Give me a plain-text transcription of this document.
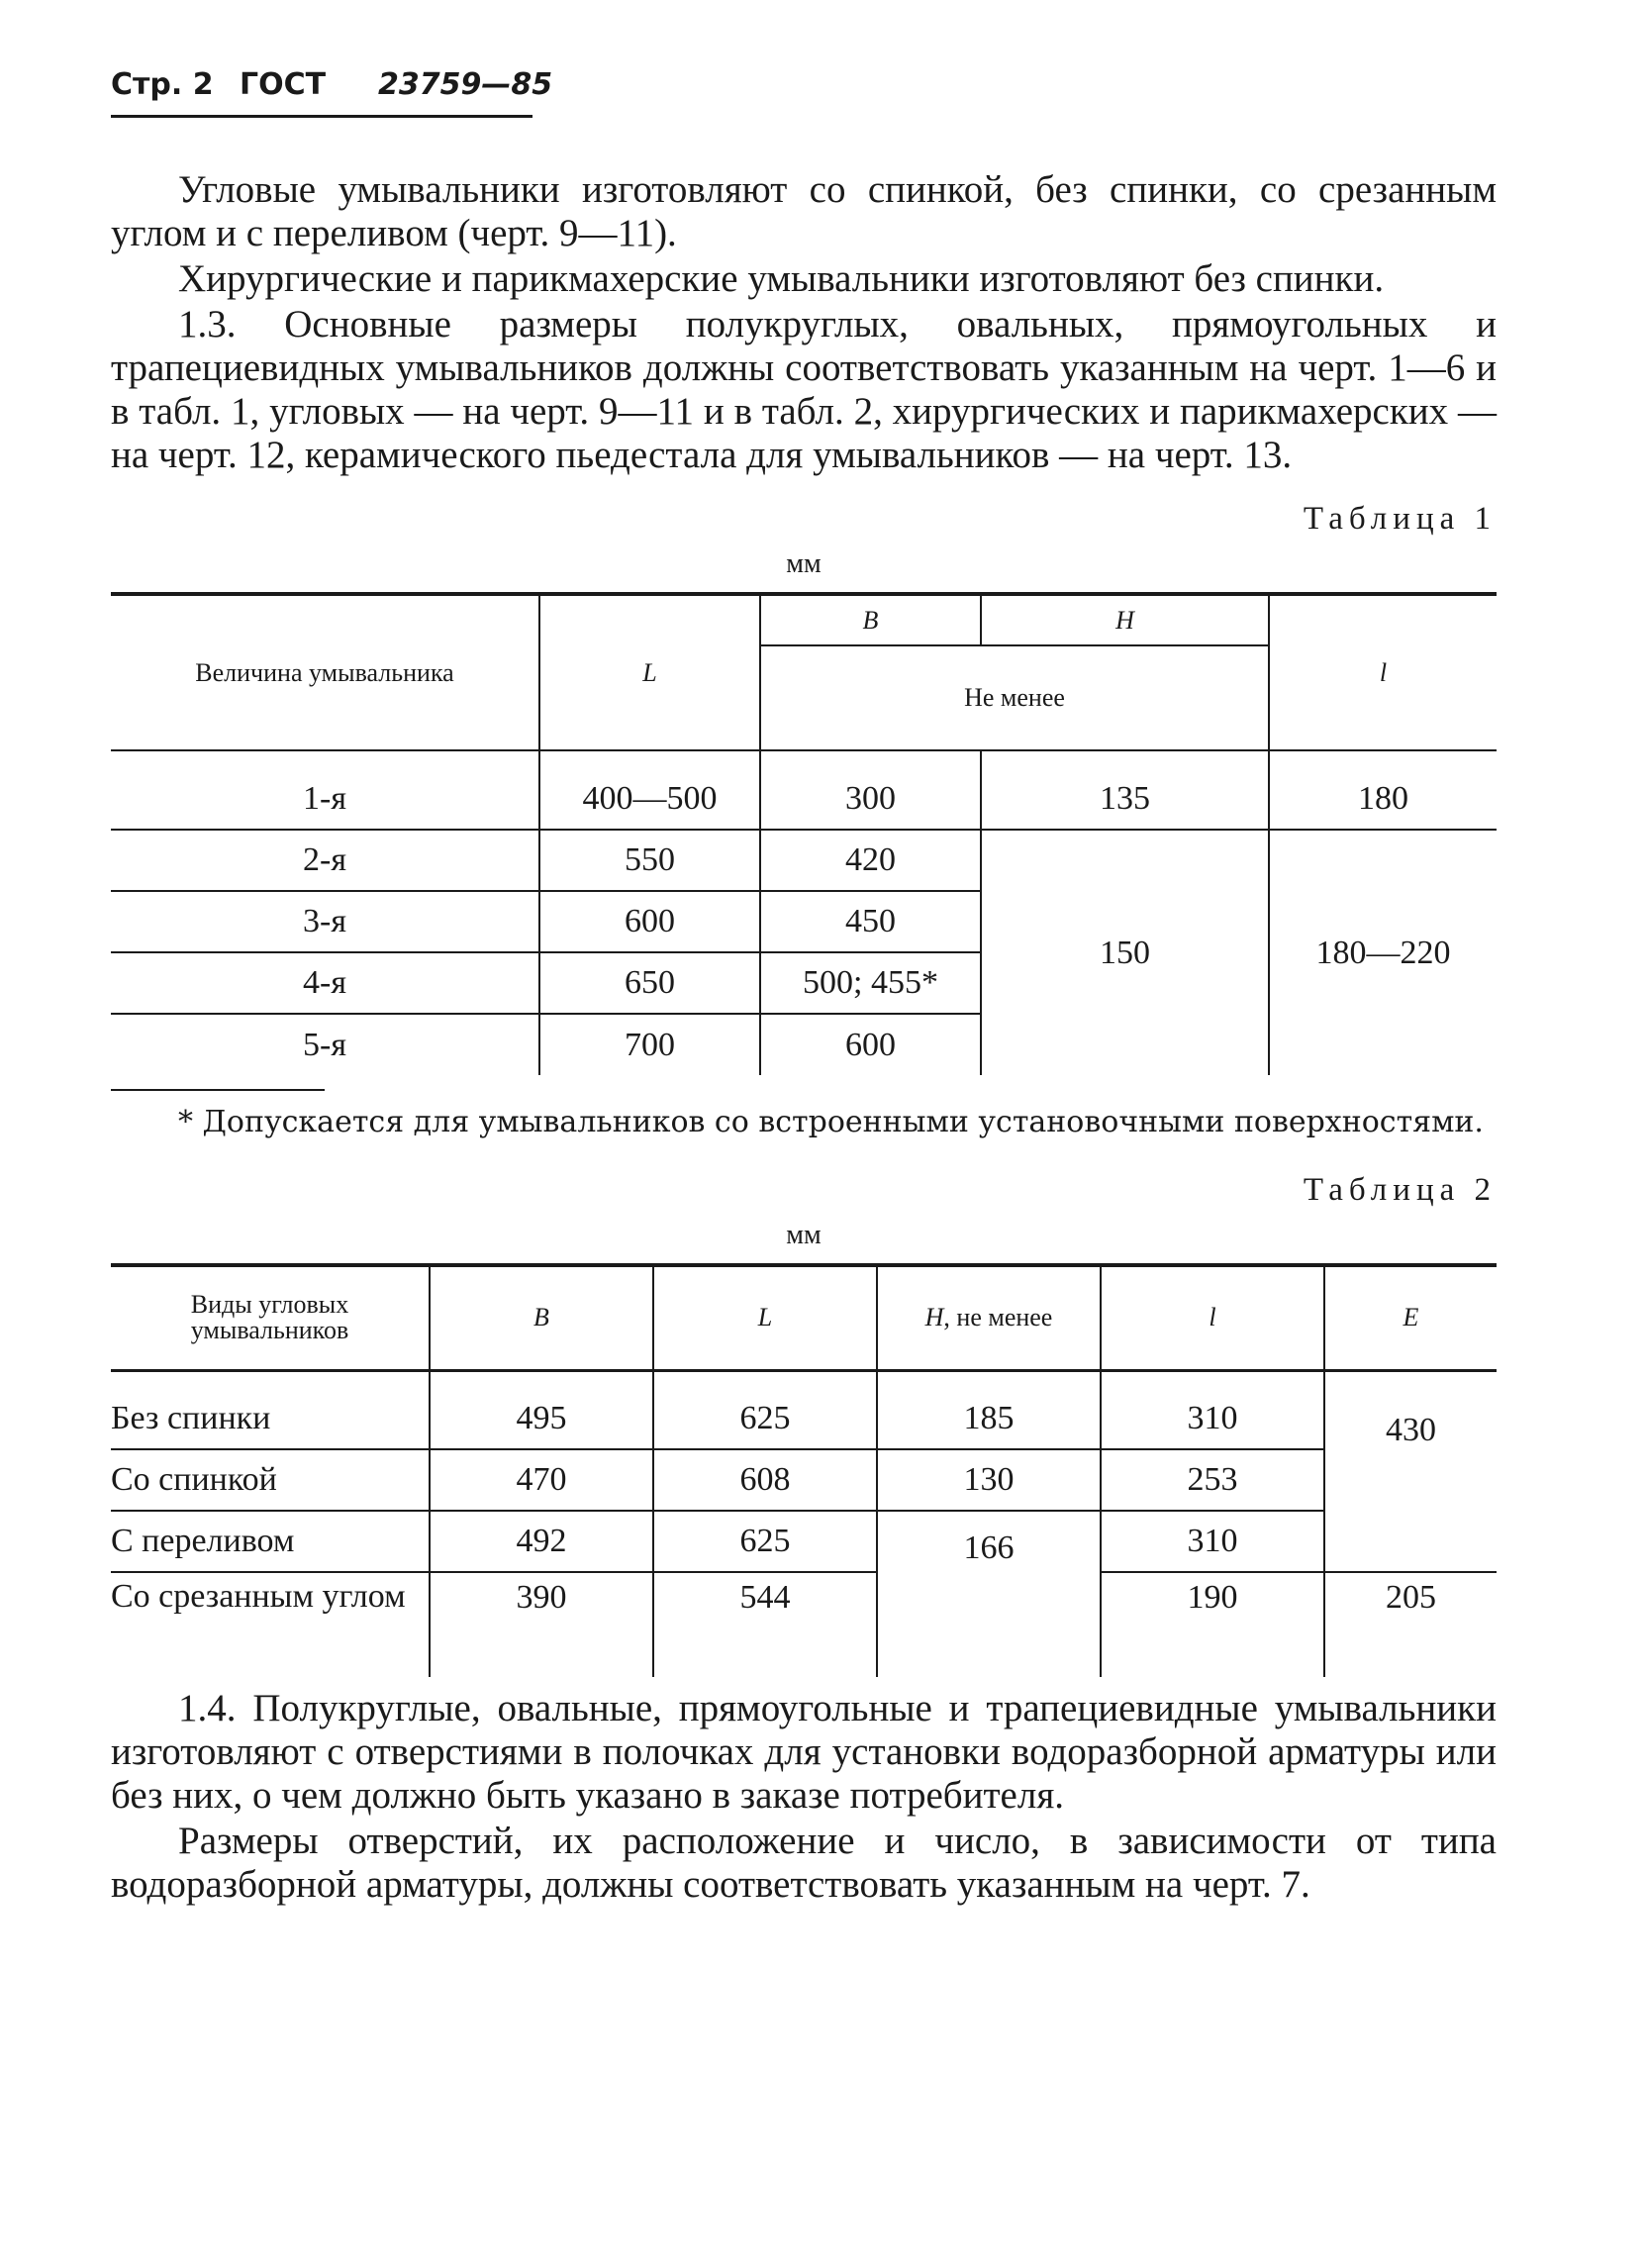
Стр. 2 ГОСТ 23759—85

Угловые умывальники изготовляют со спинкой, без спинки, со срезанным углом и с переливом (черт. 9—11).

Хирургические и парикмахерские умывальники изготовляют без спинки.

1.3. Основные размеры полукруглых, овальных, прямоугольных и трапециевидных умывальников должны соответствовать указанным на черт. 1—6 и в табл. 1, угловых — на черт. 9—11 и в табл. 2, хирургических и парикмахерских — на черт. 12, керамического пьедестала для умывальников — на черт. 13.

Таблица 1
мм
Величина умывальника	L	B	H	l
		Не менее		

1-я	400—500	300	135	180
2-я	550	420	150	180—220
3-я	600	450		
4-я	650	500; 455*		
5-я	700	600		

* Допускается для умывальников со встроенными установочными поверхностями.

Таблица 2
мм
Виды угловых умывальников	B	L	H, не менее	l	E

Без спинки	495	625	185	310	430
Со спинкой	470	608	130	253	
С переливом	492	625	166	310	
Со срезанным углом	390	544		190	205

1.4. Полукруглые, овальные, прямоугольные и трапециевидные умывальники изготовляют с отверстиями в полочках для установки водоразборной арматуры или без них, о чем должно быть указано в заказе потребителя.

Размеры отверстий, их расположение и число, в зависимости от типа водоразборной арматуры, должны соответствовать указанным на черт. 7.
